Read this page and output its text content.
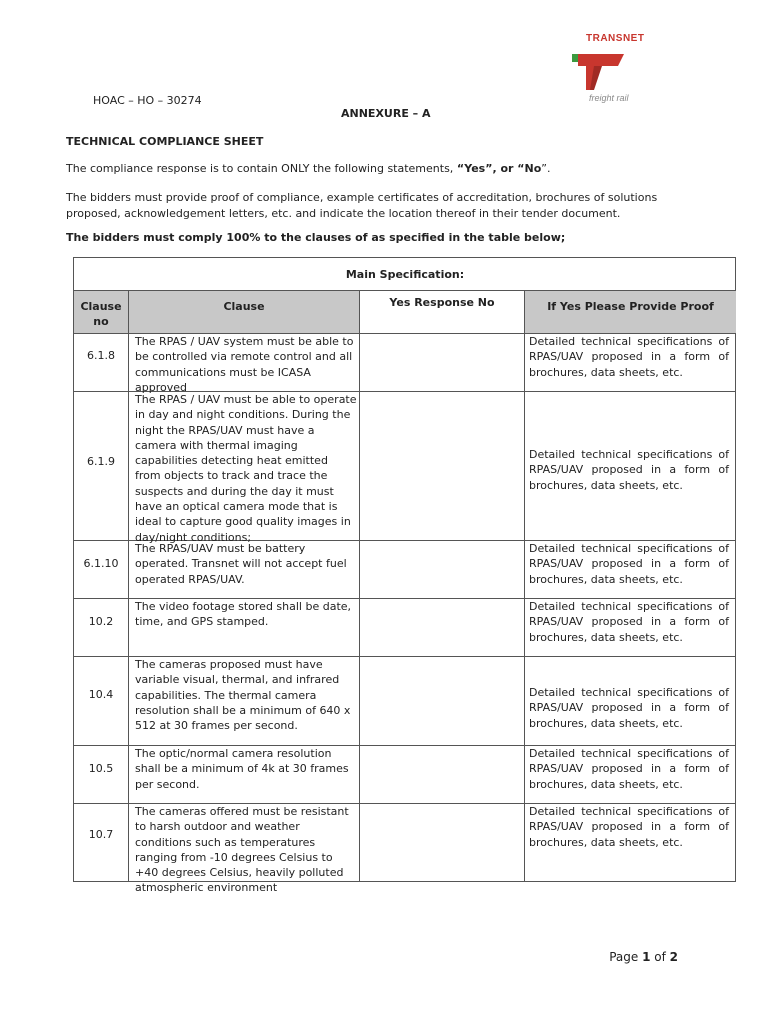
TRANSNET
freight rail
HOAC – HO – 30274
ANNEXURE – A
TECHNICAL COMPLIANCE SHEET
The compliance response is to contain ONLY the following statements, “Yes”, or “No”.
The bidders must provide proof of compliance, example certificates of accreditation, brochures of solutions proposed, acknowledgement letters, etc. and indicate the location thereof in their tender document.
The bidders must comply 100% to the clauses of as specified in the table below;
Main Specification:
Clause no
Clause	Yes Response No	If Yes Please Provide Proof
6.1.8
The RPAS / UAV system must be able to be controlled via remote control and all communications must be ICASA approved
Detailed technical specifications of RPAS/UAV proposed in a form of
brochures, data sheets, etc.
6.1.9
The RPAS / UAV must be able to operate in day and night conditions. During the night the RPAS/UAV must have a camera with thermal imaging capabilities detecting heat emitted from objects to track and trace the suspects and during the day it must have an optical camera mode that is ideal to capture good quality images in day/night conditions;
Detailed technical specifications of RPAS/UAV proposed in a form of
brochures, data sheets, etc.
6.1.10
The RPAS/UAV must be battery operated. Transnet will not accept fuel operated RPAS/UAV.
Detailed technical specifications of RPAS/UAV proposed in a form of
brochures, data sheets, etc.
10.2
The video footage stored shall be date, time, and GPS stamped.
Detailed technical specifications of RPAS/UAV proposed in a form of
brochures, data sheets, etc.
10.4
The cameras proposed must have variable visual, thermal, and infrared capabilities. The thermal camera resolution shall be a minimum of 640 x 512 at 30 frames per second.
Detailed technical specifications of RPAS/UAV proposed in a form of
brochures, data sheets, etc.
10.5
The optic/normal camera resolution shall be a minimum of 4k at 30 frames per second.
Detailed technical specifications of RPAS/UAV proposed in a form of
brochures, data sheets, etc.
10.7
The cameras offered must be resistant to harsh outdoor and weather conditions such as temperatures ranging from -10 degrees Celsius to +40 degrees Celsius, heavily polluted atmospheric environment
Detailed technical specifications of RPAS/UAV proposed in a form of
brochures, data sheets, etc.
Page 1 of 2
